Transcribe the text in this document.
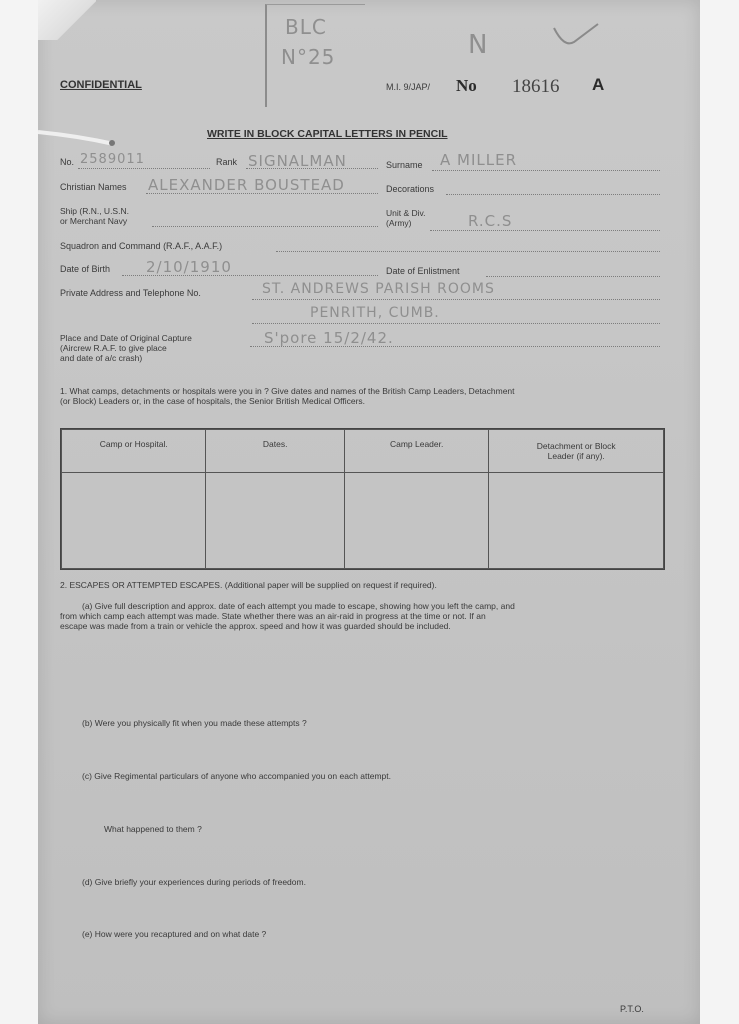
BLC
N°25	N
CONFIDENTIAL	M.I. 9/JAP/ No 18616 A
WRITE IN BLOCK CAPITAL LETTERS IN PENCIL
No. 2589011	Rank SIGNALMAN	Surname A MILLER
Christian Names ALEXANDER BOUSTEAD	Decorations
Ship (R.N., U.S.N.
or Merchant Navy
Unit & Div.
(Army)	R.C.S
Squadron and Command (R.A.F., A.A.F.)
Date of Birth 2/10/1910	Date of Enlistment
Private Address and Telephone No.	ST. ANDREWS PARISH ROOMS
PENRITH, CUMB.
Place and Date of Original Capture
(Aircrew R.A.F. to give place
and date of a/c crash)
S'pore 15/2/42.
1. What camps, detachments or hospitals were you in ? Give dates and names of the British Camp Leaders, Detachment
(or Block) Leaders or, in the case of hospitals, the Senior British Medical Officers.
Camp or Hospital.	Dates.	Camp Leader.	Detachment or Block
Leader (if any).

2. ESCAPES OR ATTEMPTED ESCAPES. (Additional paper will be supplied on request if required).
(a) Give full description and approx. date of each attempt you made to escape, showing how you left the camp, and
from which camp each attempt was made. State whether there was an air-raid in progress at the time or not. If an
escape was made from a train or vehicle the approx. speed and how it was guarded should be included.
(b) Were you physically fit when you made these attempts ?
(c) Give Regimental particulars of anyone who accompanied you on each attempt.
What happened to them ?
(d) Give briefly your experiences during periods of freedom.
(e) How were you recaptured and on what date ?
P.T.O.
